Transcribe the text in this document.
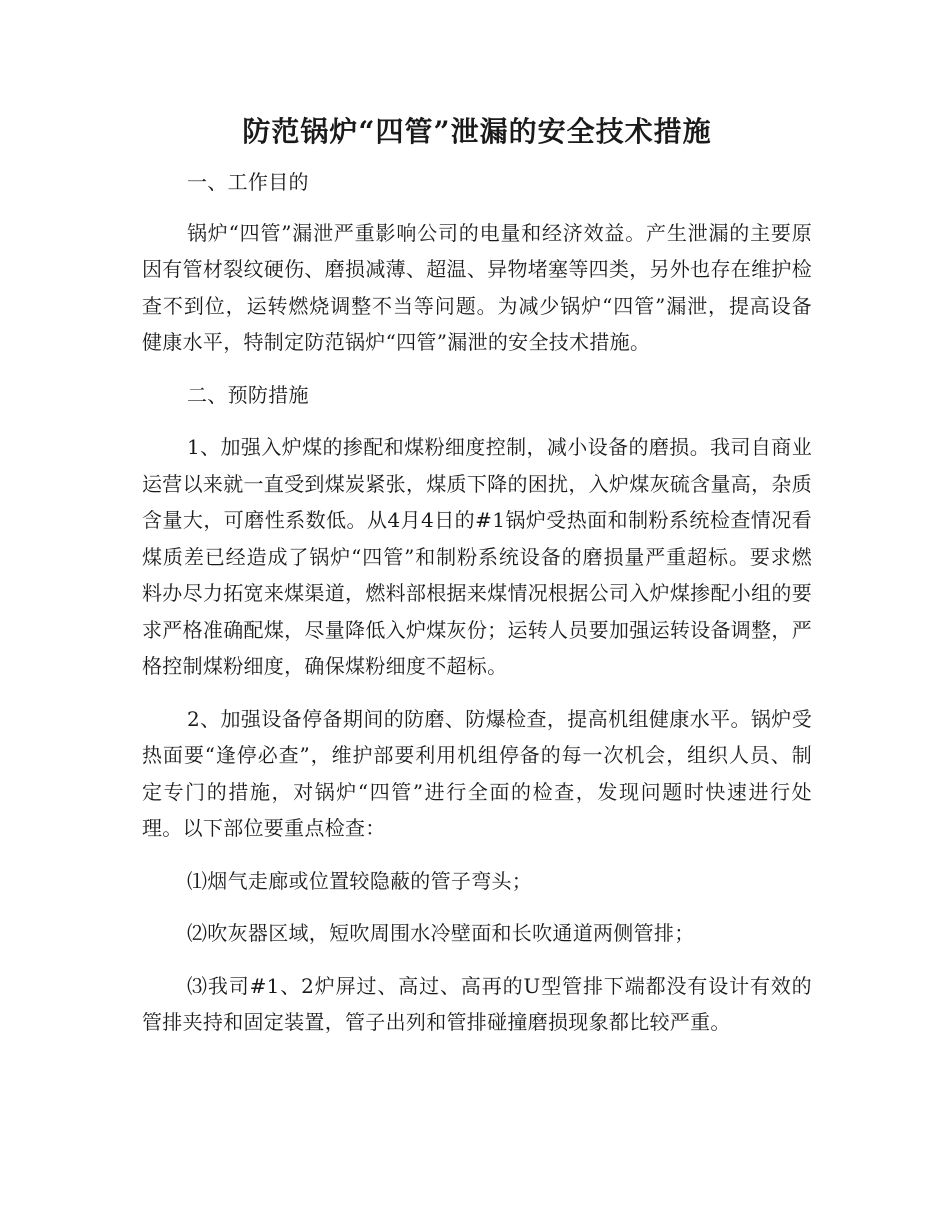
防范锅炉“四管”泄漏的安全技术措施

一、工作目的

锅炉“四管”漏泄严重影响公司的电量和经济效益。产生泄漏的主要原因有管材裂纹硬伤、磨损减薄、超温、异物堵塞等四类，另外也存在维护检查不到位，运转燃烧调整不当等问题。为减少锅炉“四管”漏泄，提高设备健康水平，特制定防范锅炉“四管”漏泄的安全技术措施。

二、预防措施

1、加强入炉煤的掺配和煤粉细度控制，减小设备的磨损。我司自商业运营以来就一直受到煤炭紧张，煤质下降的困扰，入炉煤灰硫含量高，杂质含量大，可磨性系数低。从4月4日的#1锅炉受热面和制粉系统检查情况看煤质差已经造成了锅炉“四管”和制粉系统设备的磨损量严重超标。要求燃料办尽力拓宽来煤渠道，燃料部根据来煤情况根据公司入炉煤掺配小组的要求严格准确配煤，尽量降低入炉煤灰份；运转人员要加强运转设备调整，严格控制煤粉细度，确保煤粉细度不超标。

2、加强设备停备期间的防磨、防爆检查，提高机组健康水平。锅炉受热面要“逢停必查”，维护部要利用机组停备的每一次机会，组织人员、制定专门的措施，对锅炉“四管”进行全面的检查，发现问题时快速进行处理。以下部位要重点检查：

⑴烟气走廊或位置较隐蔽的管子弯头；

⑵吹灰器区域，短吹周围水冷壁面和长吹通道两侧管排；

⑶我司#1、2炉屏过、高过、高再的U型管排下端都没有设计有效的管排夹持和固定装置，管子出列和管排碰撞磨损现象都比较严重。
